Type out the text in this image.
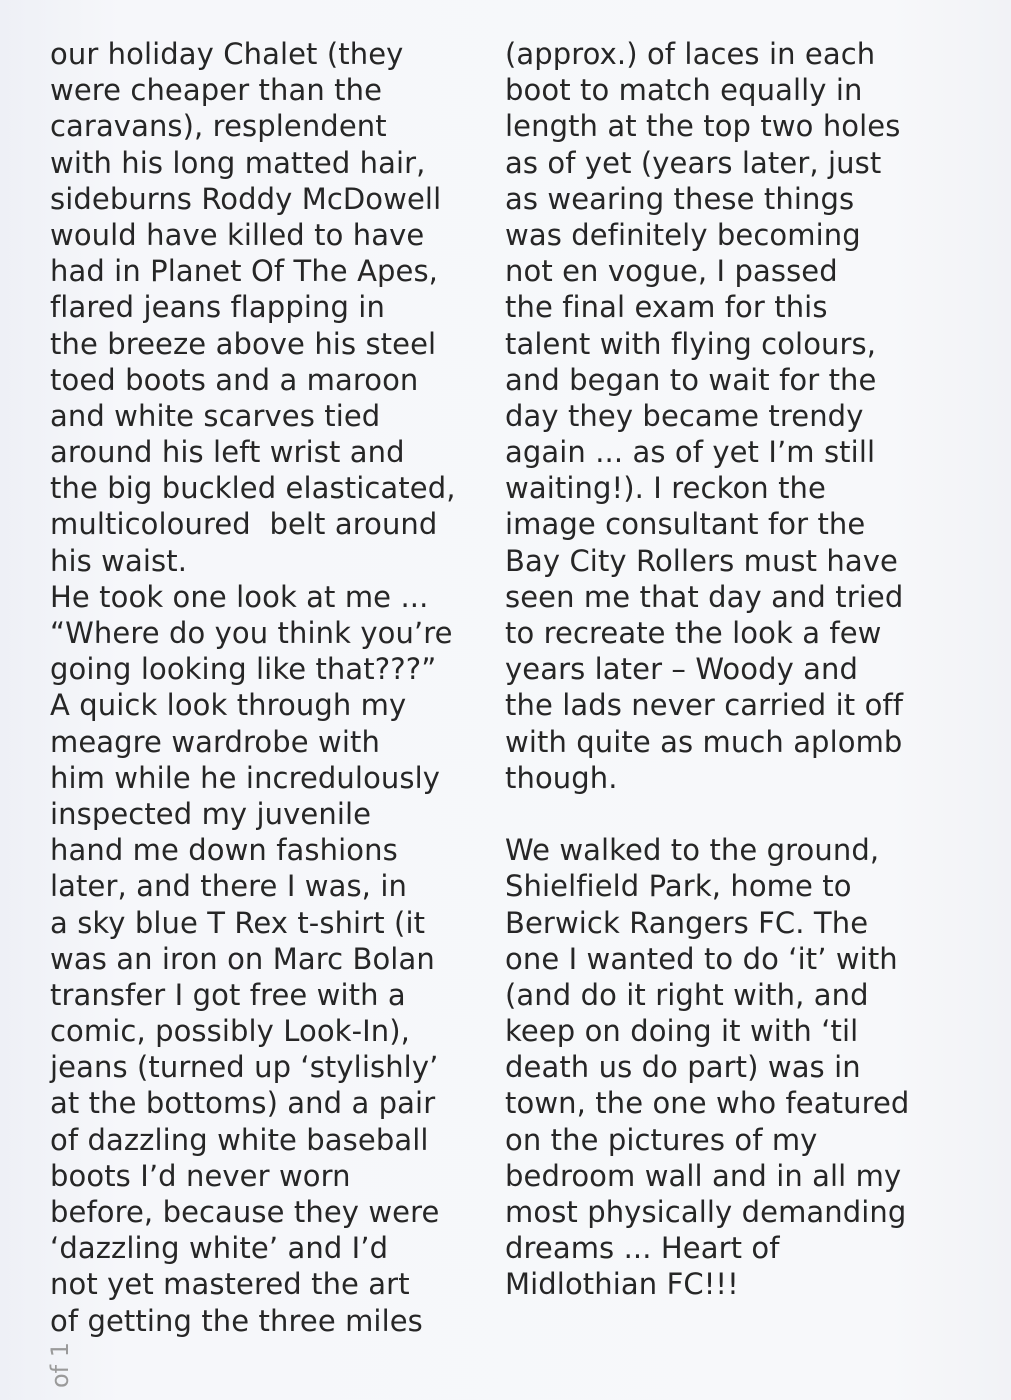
our holiday Chalet (they
were cheaper than the
caravans), resplendent
with his long matted hair,
sideburns Roddy McDowell
would have killed to have
had in Planet Of The Apes,
flared jeans flapping in
the breeze above his steel
toed boots and a maroon
and white scarves tied
around his left wrist and
the big buckled elasticated,
multicoloured  belt around
his waist.
He took one look at me ...
“Where do you think you’re
going looking like that???”
A quick look through my
meagre wardrobe with
him while he incredulously
inspected my juvenile
hand me down fashions
later, and there I was, in
a sky blue T Rex t-shirt (it
was an iron on Marc Bolan
transfer I got free with a
comic, possibly Look-In),
jeans (turned up ‘stylishly’
at the bottoms) and a pair
of dazzling white baseball
boots I’d never worn
before, because they were
‘dazzling white’ and I’d
not yet mastered the art
of getting the three miles
(approx.) of laces in each
boot to match equally in
length at the top two holes
as of yet (years later, just
as wearing these things
was definitely becoming
not en vogue, I passed
the final exam for this
talent with flying colours,
and began to wait for the
day they became trendy
again ... as of yet I’m still
waiting!). I reckon the
image consultant for the
Bay City Rollers must have
seen me that day and tried
to recreate the look a few
years later – Woody and
the lads never carried it off
with quite as much aplomb
though.
We walked to the ground,
Shielfield Park, home to
Berwick Rangers FC. The
one I wanted to do ‘it’ with
(and do it right with, and
keep on doing it with ‘til
death us do part) was in
town, the one who featured
on the pictures of my
bedroom wall and in all my
most physically demanding
dreams ... Heart of
Midlothian FC!!!
of 1
